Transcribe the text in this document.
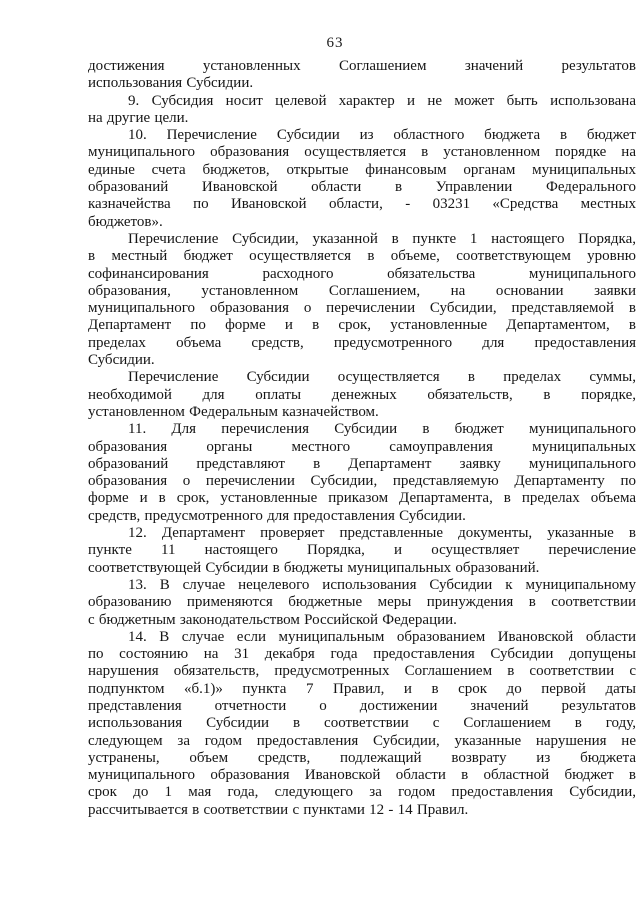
63
достижения установленных Соглашением значений результатов
использования Субсидии.
9. Субсидия носит целевой характер и не может быть использована
на другие цели.
10. Перечисление Субсидии из областного бюджета в бюджет
муниципального образования осуществляется в установленном порядке на
единые счета бюджетов, открытые финансовым органам муниципальных
образований Ивановской области в Управлении Федерального
казначейства по Ивановской области, - 03231 «Средства местных
бюджетов».
Перечисление Субсидии, указанной в пункте 1 настоящего Порядка,
в местный бюджет осуществляется в объеме, соответствующем уровню
софинансирования расходного обязательства муниципального
образования, установленном Соглашением, на основании заявки
муниципального образования о перечислении Субсидии, представляемой в
Департамент по форме и в срок, установленные Департаментом, в
пределах объема средств, предусмотренного для предоставления
Субсидии.
Перечисление Субсидии осуществляется в пределах суммы,
необходимой для оплаты денежных обязательств, в порядке,
установленном Федеральным казначейством.
11. Для перечисления Субсидии в бюджет муниципального
образования органы местного самоуправления муниципальных
образований представляют в Департамент заявку муниципального
образования о перечислении Субсидии, представляемую Департаменту по
форме и в срок, установленные приказом Департамента, в пределах объема
средств, предусмотренного для предоставления Субсидии.
12. Департамент проверяет представленные документы, указанные в
пункте 11 настоящего Порядка, и осуществляет перечисление
соответствующей Субсидии в бюджеты муниципальных образований.
13. В случае нецелевого использования Субсидии к муниципальному
образованию применяются бюджетные меры принуждения в соответствии
с бюджетным законодательством Российской Федерации.
14. В случае если муниципальным образованием Ивановской области
по состоянию на 31 декабря года предоставления Субсидии допущены
нарушения обязательств, предусмотренных Соглашением в соответствии с
подпунктом «б.1)» пункта 7 Правил, и в срок до первой даты
представления отчетности о достижении значений результатов
использования Субсидии в соответствии с Соглашением в году,
следующем за годом предоставления Субсидии, указанные нарушения не
устранены, объем средств, подлежащий возврату из бюджета
муниципального образования Ивановской области в областной бюджет в
срок до 1 мая года, следующего за годом предоставления Субсидии,
рассчитывается в соответствии с пунктами 12 - 14 Правил.
